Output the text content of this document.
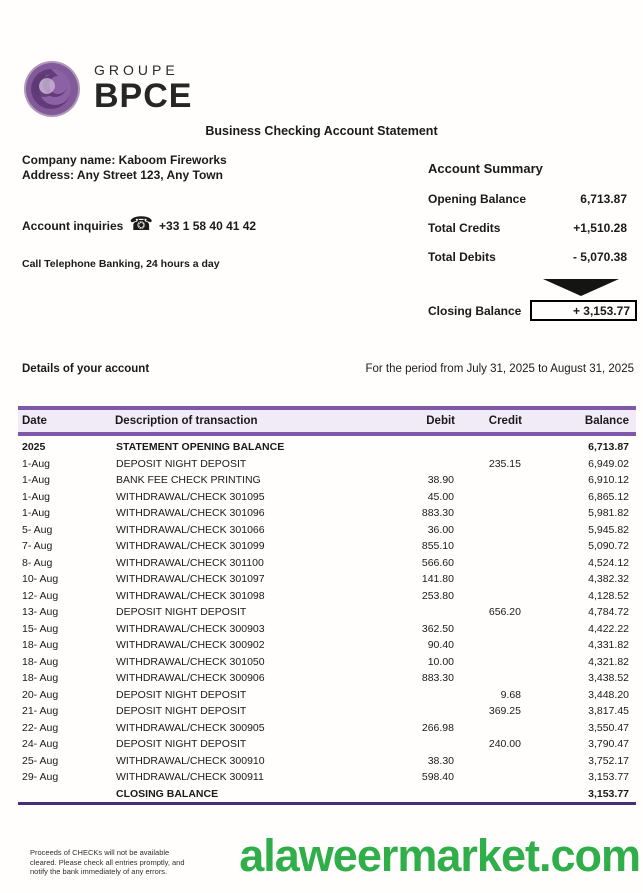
GROUPE
BPCE
Business Checking Account Statement
Company name: Kaboom Fireworks
Address: Any Street 123, Any Town
Account inquiries ☎ +33 1 58 40 41 42
Call Telephone Banking, 24 hours a day
Account Summary
Opening Balance	6,713.87
Total Credits	+1,510.28
Total Debits	- 5,070.38
Closing Balance	+ 3,153.77
Details of your account	For the period from July 31, 2025 to August 31, 2025
Date	Description of transaction	Debit	Credit	Balance
2025	STATEMENT OPENING BALANCE			6,713.87
1-Aug	DEPOSIT NIGHT DEPOSIT		235.15	6,949.02
1-Aug	BANK FEE CHECK PRINTING	38.90		6,910.12
1-Aug	WITHDRAWAL/CHECK 301095	45.00		6,865.12
1-Aug	WITHDRAWAL/CHECK 301096	883.30		5,981.82
5- Aug	WITHDRAWAL/CHECK 301066	36.00		5,945.82
7- Aug	WITHDRAWAL/CHECK 301099	855.10		5,090.72
8- Aug	WITHDRAWAL/CHECK 301100	566.60		4,524.12
10- Aug	WITHDRAWAL/CHECK 301097	141.80		4,382.32
12- Aug	WITHDRAWAL/CHECK 301098	253.80		4,128.52
13- Aug	DEPOSIT NIGHT DEPOSIT		656.20	4,784.72
15- Aug	WITHDRAWAL/CHECK 300903	362.50		4,422.22
18- Aug	WITHDRAWAL/CHECK 300902	90.40		4,331.82
18- Aug	WITHDRAWAL/CHECK 301050	10.00		4,321.82
18- Aug	WITHDRAWAL/CHECK 300906	883.30		3,438.52
20- Aug	DEPOSIT NIGHT DEPOSIT		9.68	3,448.20
21- Aug	DEPOSIT NIGHT DEPOSIT		369.25	3,817.45
22- Aug	WITHDRAWAL/CHECK 300905	266.98		3,550.47
24- Aug	DEPOSIT NIGHT DEPOSIT		240.00	3,790.47
25- Aug	WITHDRAWAL/CHECK 300910	38.30		3,752.17
29- Aug	WITHDRAWAL/CHECK 300911	598.40		3,153.77
	CLOSING BALANCE			3,153.77
Proceeds of CHECKs will not be available
cleared. Please check all entries promptly, and
notify the bank immediately of any errors.	alaweermarket.com
